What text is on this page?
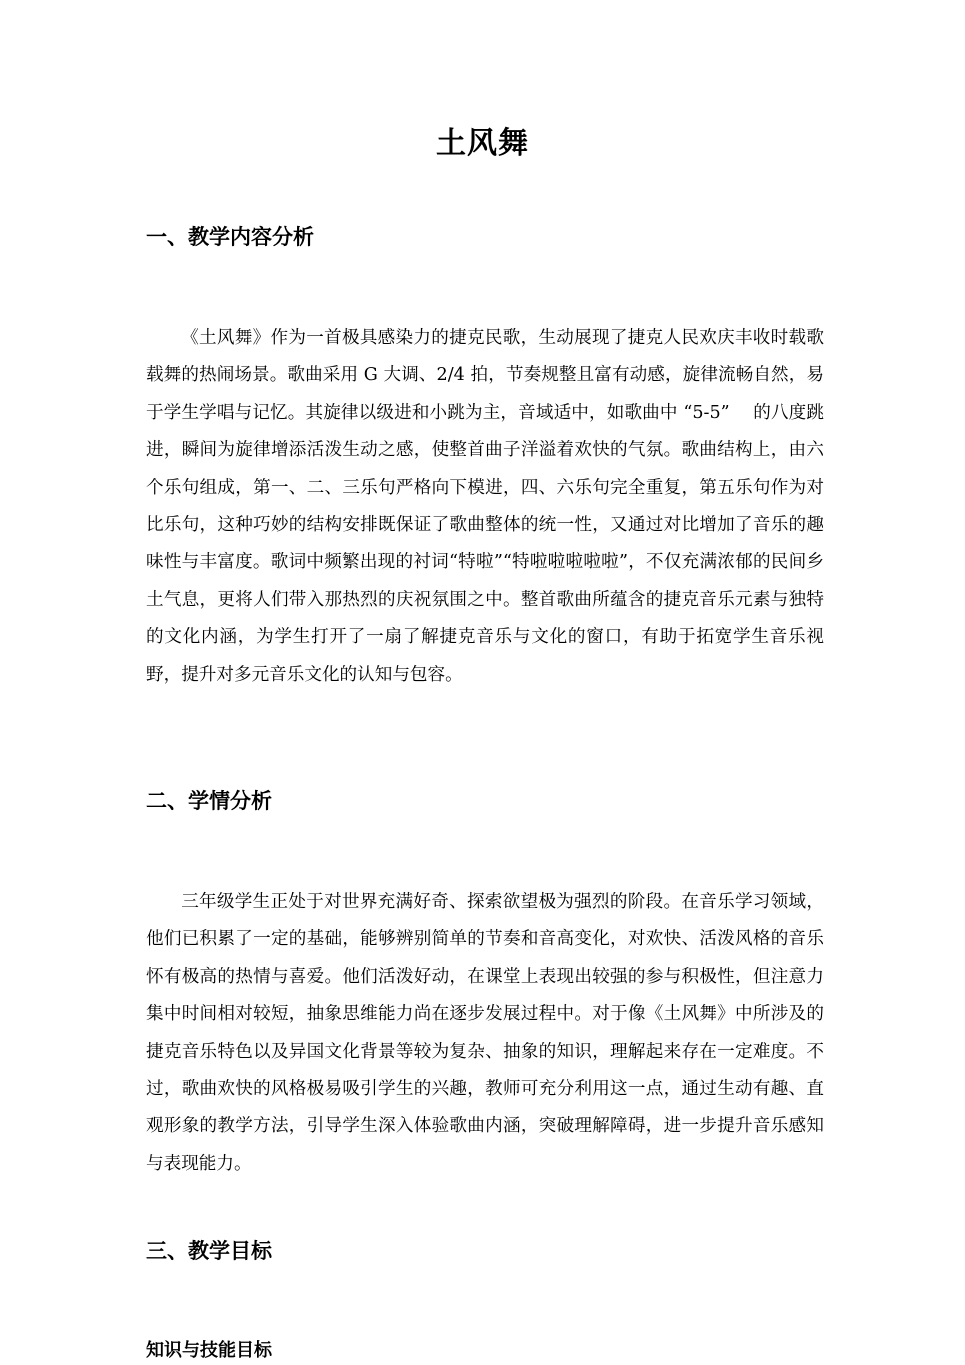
土风舞
一、教学内容分析

《土风舞》作为一首极具感染力的捷克民歌，生动展现了捷克人民欢庆丰收时载歌载舞的热闹场景。歌曲采用 G 大调、2/4 拍，节奏规整且富有动感，旋律流畅自然，易于学生学唱与记忆。其旋律以级进和小跳为主，音域适中，如歌曲中 “5-5”　 的八度跳进，瞬间为旋律增添活泼生动之感，使整首曲子洋溢着欢快的气氛。歌曲结构上，由六个乐句组成，第一、二、三乐句严格向下模进，四、六乐句完全重复，第五乐句作为对比乐句，这种巧妙的结构安排既保证了歌曲整体的统一性，又通过对比增加了音乐的趣味性与丰富度。歌词中频繁出现的衬词“特啦”“特啦啦啦啦啦”，不仅充满浓郁的民间乡土气息，更将人们带入那热烈的庆祝氛围之中。整首歌曲所蕴含的捷克音乐元素与独特的文化内涵，为学生打开了一扇了解捷克音乐与文化的窗口，有助于拓宽学生音乐视野，提升对多元音乐文化的认知与包容。

二、学情分析

三年级学生正处于对世界充满好奇、探索欲望极为强烈的阶段。在音乐学习领域，他们已积累了一定的基础，能够辨别简单的节奏和音高变化，对欢快、活泼风格的音乐怀有极高的热情与喜爱。他们活泼好动，在课堂上表现出较强的参与积极性，但注意力集中时间相对较短，抽象思维能力尚在逐步发展过程中。对于像《土风舞》中所涉及的捷克音乐特色以及异国文化背景等较为复杂、抽象的知识，理解起来存在一定难度。不过，歌曲欢快的风格极易吸引学生的兴趣，教师可充分利用这一点，通过生动有趣、直观形象的教学方法，引导学生深入体验歌曲内涵，突破理解障碍，进一步提升音乐感知与表现能力。

三、教学目标
知识与技能目标
